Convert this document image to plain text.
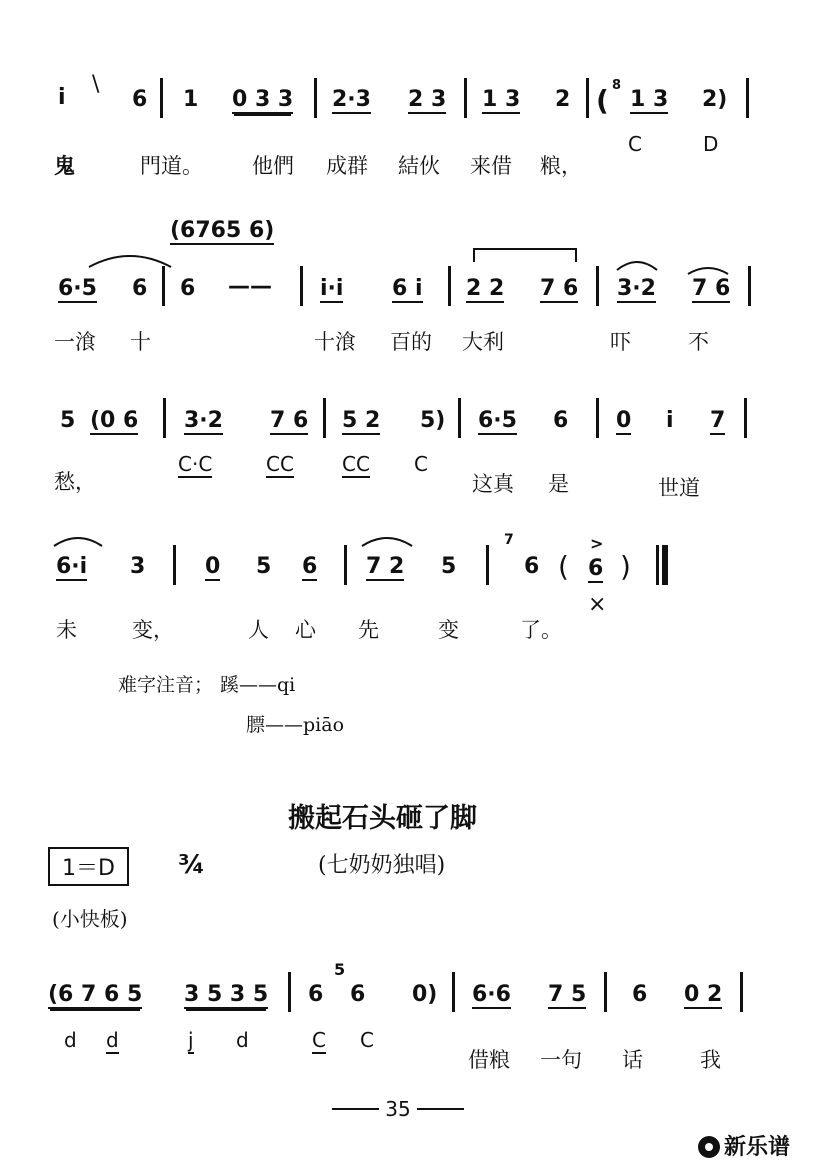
i
\
6 1 0 3 3 2·3 2 3 1 3 2 ( 8
1 3 2)
鬼	門道。 他們 成群 結伙 来借 粮，
C	D
(6765 6)
6·5 6 6 —— i·i 6 i 2 2 7 6 3·2 7 6
一湌 十	十湌 百的 大利	吓	不
5 (0 6 3·2 7 6 5 2 5) 6·5 6 0 i 7
愁，
C·C	CC CC C
这真 是	世道
6·i 3	0 5 6 7 2 5
7
6 (
>
6 )
未	变，	人 心 先	变	了。
×
难字注音； 蹊——qi
膘——piāo
搬起石头砸了脚
1＝D	¾	(七奶奶独唱)
(小快板)
(6 7 6 5 3 5 3 5 6
5
6 0) 6·6 7 5 6 0 2
d d	j d	C C
借粮 一句 话	我
35
新乐谱
